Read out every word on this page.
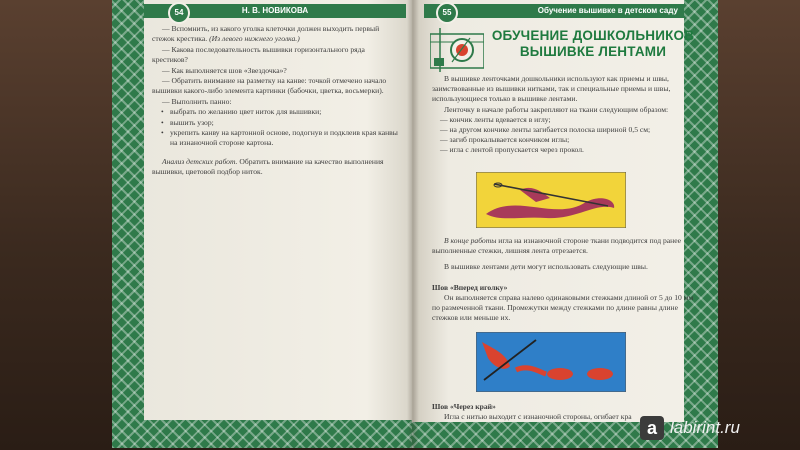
Н. В. НОВИКОВА
54

— Вспомнить, из какого уголка клеточки должен выходить первый стежок крестика. (Из левого нижнего уголка.)

— Какова последовательность вышивки горизонтального ряда крестиков?

— Как выполняется шов «Звездочка»?

— Обратить внимание на разметку на канве: точкой отмечено начало вышивки какого-либо элемента картинки (бабочки, цветка, восьмерки).

— Выполнить панно:

• выбрать по желанию цвет ниток для вышивки;
• вышить узор;
• укрепить канву на картонной основе, подогнув и подклеив края канвы на изнаночной стороне картона.

Анализ детских работ. Обратить внимание на качество выполнения вышивки, цветовой подбор ниток.

Обучение вышивке в детском саду
55
ОБУЧЕНИЕ ДОШКОЛЬНИКОВ ВЫШИВКЕ ЛЕНТАМИ

В вышивке ленточками дошкольники используют как приемы и швы, заимствованные из вышивки нитками, так и специальные приемы и швы, использующиеся только в вышивке лентами.

Ленточку в начале работы закрепляют на ткани следующим образом:

— кончик ленты вдевается в иглу;

— на другом кончике ленты загибается полоска шириной 0,5 см;

— загиб прокалывается кончиком иглы;

— игла с лентой пропускается через прокол.

В конце работы игла на изнаночной стороне ткани подводится под ранее выполненные стежки, лишняя лента отрезается.

В вышивке лентами дети могут использовать следующие швы.

Шов «Вперед иголку»

Он выполняется справа налево одинаковыми стежками длиной от 5 до 10 мм по размеченной ткани. Промежутки между стежками по длине равны длине стежков или меньше их.

Шов «Через край»

Игла с нитью выходит с изнаночной стороны, огибает кра

a labirint.ru
